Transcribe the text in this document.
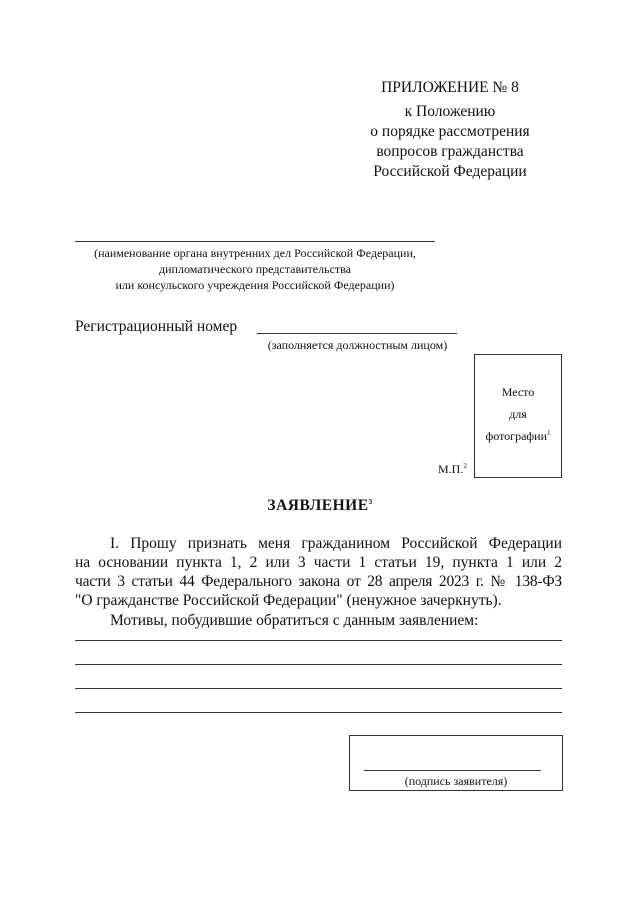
ПРИЛОЖЕНИЕ № 8
к Положению
о порядке рассмотрения
вопросов гражданства
Российской Федерации
(наименование органа внутренних дел Российской Федерации,
дипломатического представительства
или консульского учреждения Российской Федерации)
Регистрационный номер
(заполняется должностным лицом)
Место
для
фотографии$^1$
М.П.$^2$
ЗАЯВЛЕНИЕ$^3$
I. Прошу признать меня гражданином Российской Федерации
на основании пункта 1, 2 или 3 части 1 статьи 19, пункта 1 или 2
части 3 статьи 44 Федерального закона от 28 апреля 2023 г. № 138-ФЗ
"О гражданстве Российской Федерации" (ненужное зачеркнуть).
Мотивы, побудившие обратиться с данным заявлением:
(подпись заявителя)
